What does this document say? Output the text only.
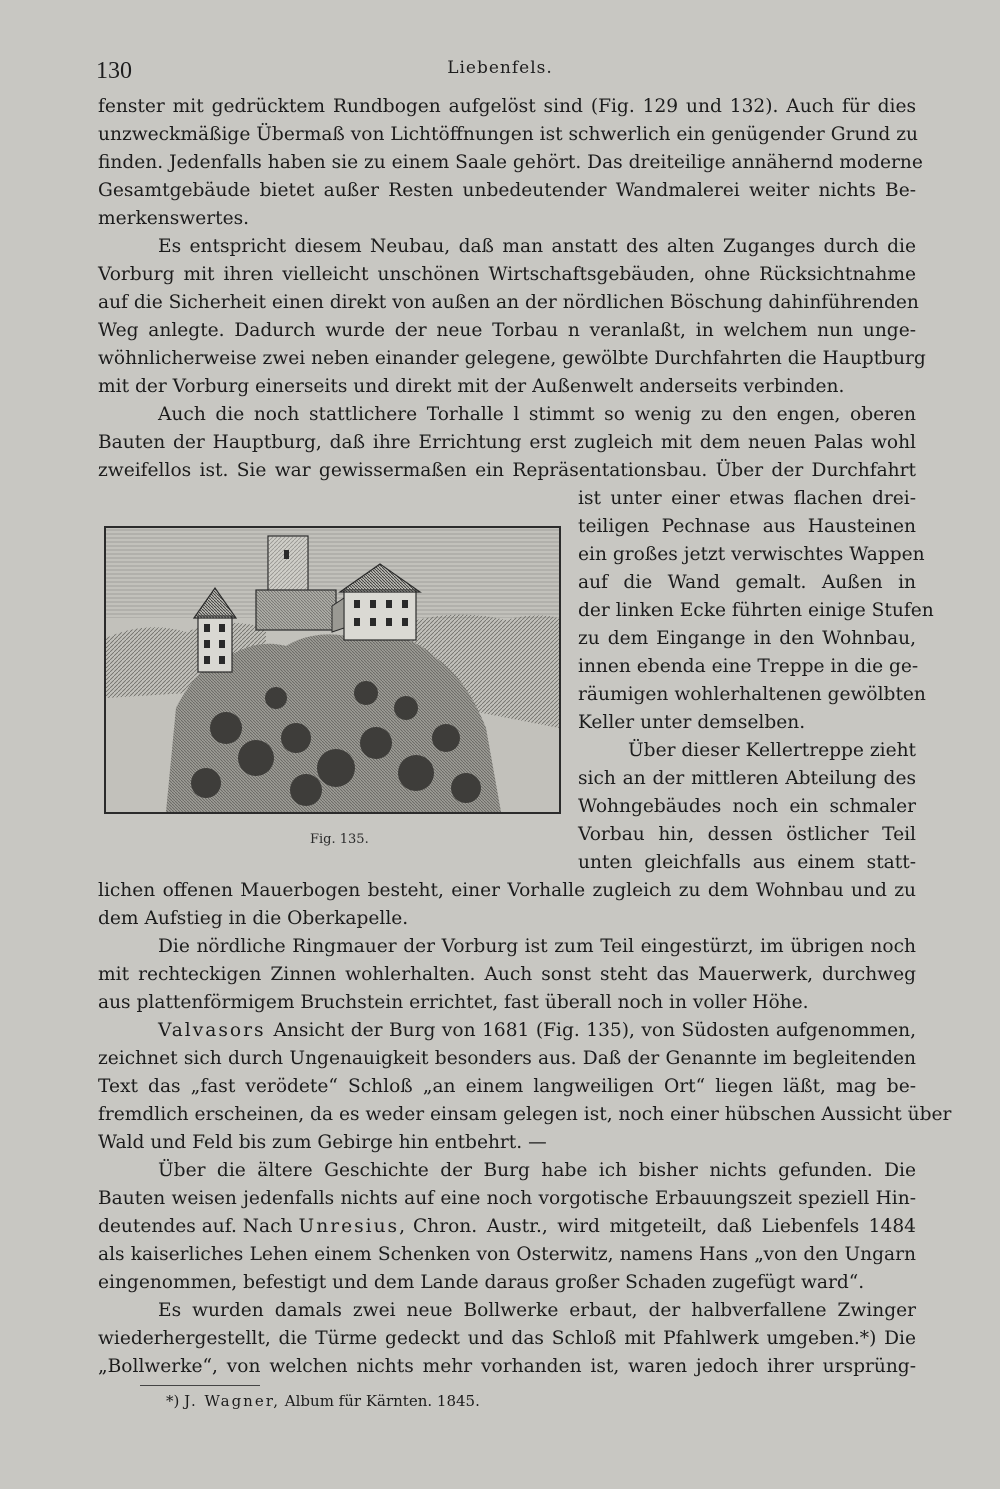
130	Liebenfels.
fenster mit gedrücktem Rundbogen aufgelöst sind (Fig. 129 und 132). Auch für dies
unzweckmäßige Übermaß von Lichtöffnungen ist schwerlich ein genügender Grund zu
finden. Jedenfalls haben sie zu einem Saale gehört. Das dreiteilige annähernd moderne
Gesamtgebäude bietet außer Resten unbedeutender Wandmalerei weiter nichts Be-
merkenswertes.
Es entspricht diesem Neubau, daß man anstatt des alten Zuganges durch die
Vorburg mit ihren vielleicht unschönen Wirtschaftsgebäuden, ohne Rücksichtnahme
auf die Sicherheit einen direkt von außen an der nördlichen Böschung dahinführenden
Weg anlegte. Dadurch wurde der neue Torbau n veranlaßt, in welchem nun unge-
wöhnlicherweise zwei neben einander gelegene, gewölbte Durchfahrten die Hauptburg
mit der Vorburg einerseits und direkt mit der Außenwelt anderseits verbinden.
Auch die noch stattlichere Torhalle l stimmt so wenig zu den engen, oberen
Bauten der Hauptburg, daß ihre Errichtung erst zugleich mit dem neuen Palas wohl
zweifellos ist. Sie war gewissermaßen ein Repräsentationsbau. Über der Durchfahrt
Fig. 135.
ist unter einer etwas flachen drei-
teiligen Pechnase aus Hausteinen
ein großes jetzt verwischtes Wappen
auf die Wand gemalt. Außen in
der linken Ecke führten einige Stufen
zu dem Eingange in den Wohnbau,
innen ebenda eine Treppe in die ge-
räumigen wohlerhaltenen gewölbten
Keller unter demselben.
Über dieser Kellertreppe zieht
sich an der mittleren Abteilung des
Wohngebäudes noch ein schmaler
Vorbau hin, dessen östlicher Teil
unten gleichfalls aus einem statt-
lichen offenen Mauerbogen besteht, einer Vorhalle zugleich zu dem Wohnbau und zu
dem Aufstieg in die Oberkapelle.
Die nördliche Ringmauer der Vorburg ist zum Teil eingestürzt, im übrigen noch
mit rechteckigen Zinnen wohlerhalten. Auch sonst steht das Mauerwerk, durchweg
aus plattenförmigem Bruchstein errichtet, fast überall noch in voller Höhe.
Valvasors Ansicht der Burg von 1681 (Fig. 135), von Südosten aufgenommen,
zeichnet sich durch Ungenauigkeit besonders aus. Daß der Genannte im begleitenden
Text das „fast verödete“ Schloß „an einem langweiligen Ort“ liegen läßt, mag be-
fremdlich erscheinen, da es weder einsam gelegen ist, noch einer hübschen Aussicht über
Wald und Feld bis zum Gebirge hin entbehrt. —
Über die ältere Geschichte der Burg habe ich bisher nichts gefunden. Die
Bauten weisen jedenfalls nichts auf eine noch vorgotische Erbauungszeit speziell Hin-
deutendes auf. Nach Unresius, Chron. Austr., wird mitgeteilt, daß Liebenfels 1484
als kaiserliches Lehen einem Schenken von Osterwitz, namens Hans „von den Ungarn
eingenommen, befestigt und dem Lande daraus großer Schaden zugefügt ward“.
Es wurden damals zwei neue Bollwerke erbaut, der halbverfallene Zwinger
wiederhergestellt, die Türme gedeckt und das Schloß mit Pfahlwerk umgeben.*) Die
„Bollwerke“, von welchen nichts mehr vorhanden ist, waren jedoch ihrer ursprüng-
*) J. Wagner, Album für Kärnten. 1845.
